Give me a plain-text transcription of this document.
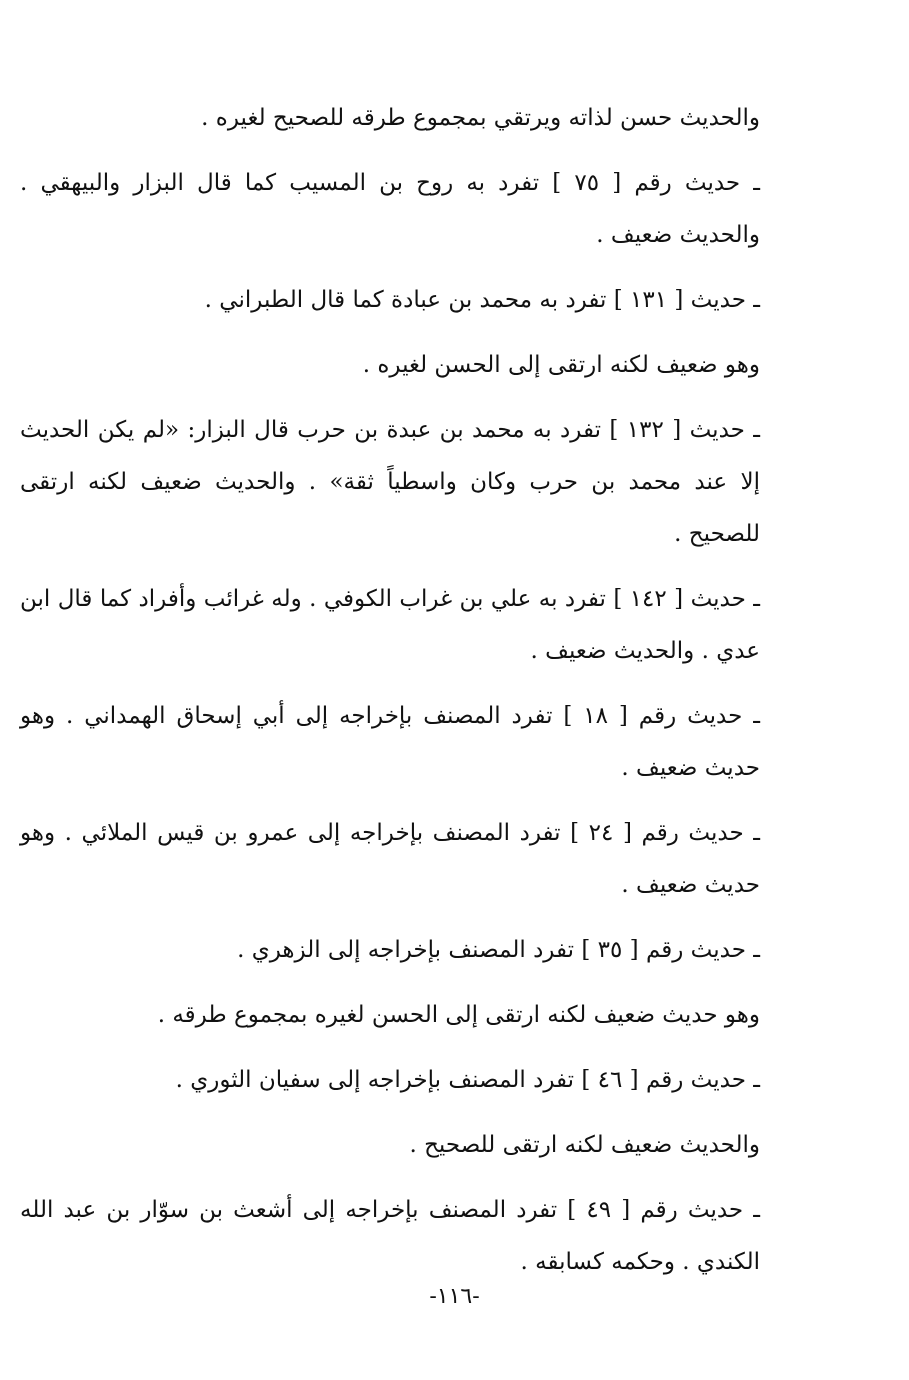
والحديث حسن لذاته ويرتقي بمجموع طرقه للصحيح لغيره .

ـ حديث رقم [ ٧٥ ] تفرد به روح بن المسيب كما قال البزار والبيهقي . والحديث ضعيف .

ـ حديث [ ١٣١ ] تفرد به محمد بن عبادة كما قال الطبراني .

وهو ضعيف لكنه ارتقى إلى الحسن لغيره .

ـ حديث [ ١٣٢ ] تفرد به محمد بن عبدة بن حرب قال البزار: «لم يكن الحديث إلا عند محمد بن حرب وكان واسطياً ثقة» . والحديث ضعيف لكنه ارتقى للصحيح .

ـ حديث [ ١٤٢ ] تفرد به علي بن غراب الكوفي . وله غرائب وأفراد كما قال ابن عدي . والحديث ضعيف .

ـ حديث رقم [ ١٨ ] تفرد المصنف بإخراجه إلى أبي إسحاق الهمداني . وهو حديث ضعيف .

ـ حديث رقم [ ٢٤ ] تفرد المصنف بإخراجه إلى عمرو بن قيس الملائي . وهو حديث ضعيف .

ـ حديث رقم [ ٣٥ ] تفرد المصنف بإخراجه إلى الزهري .

وهو حديث ضعيف لكنه ارتقى إلى الحسن لغيره بمجموع طرقه .

ـ حديث رقم [ ٤٦ ] تفرد المصنف بإخراجه إلى سفيان الثوري .

والحديث ضعيف لكنه ارتقى للصحيح .

ـ حديث رقم [ ٤٩ ] تفرد المصنف بإخراجه إلى أشعث بن سوّار بن عبد الله الكندي . وحكمه كسابقه .

-١١٦-
